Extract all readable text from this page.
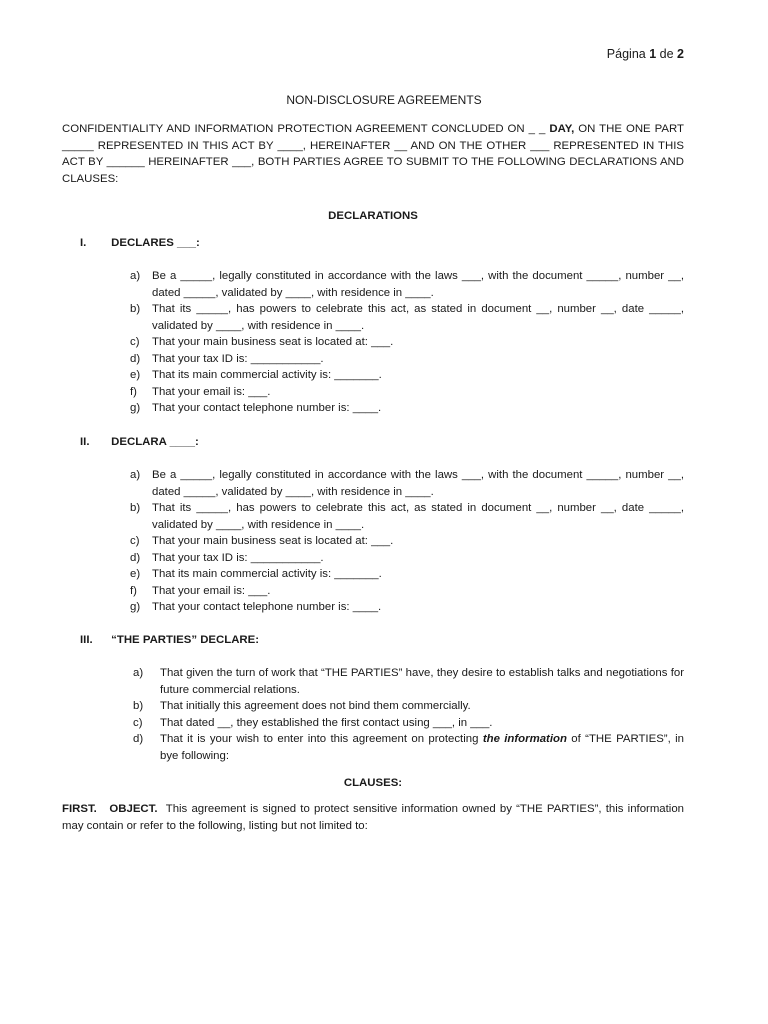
Página 1 de 2
NON-DISCLOSURE AGREEMENTS
CONFIDENTIALITY AND INFORMATION PROTECTION AGREEMENT CONCLUDED ON _ _ DAY, ON THE ONE PART _____ REPRESENTED IN THIS ACT BY ____, HEREINAFTER __ AND ON THE OTHER ___ REPRESENTED IN THIS ACT BY ______ HEREINAFTER ___, BOTH PARTIES AGREE TO SUBMIT TO THE FOLLOWING DECLARATIONS AND CLAUSES:
DECLARATIONS
I. DECLARES ___:
a) Be a _____, legally constituted in accordance with the laws ___, with the document _____, number __, dated _____, validated by ____, with residence in ____.
b) That its _____, has powers to celebrate this act, as stated in document __, number __, date _____, validated by ____, with residence in ____.
c) That your main business seat is located at: ___.
d) That your tax ID is: ___________.
e) That its main commercial activity is: _______.
f) That your email is: ___.
g) That your contact telephone number is: ____.
II. DECLARA ____:
a) Be a _____, legally constituted in accordance with the laws ___, with the document _____, number __, dated _____, validated by ____, with residence in ____.
b) That its _____, has powers to celebrate this act, as stated in document __, number __, date _____, validated by ____, with residence in ____.
c) That your main business seat is located at: ___.
d) That your tax ID is: ___________.
e) That its main commercial activity is: _______.
f) That your email is: ___.
g) That your contact telephone number is: ____.
III. “THE PARTIES” DECLARE:
a) That given the turn of work that “THE PARTIES” have, they desire to establish talks and negotiations for future commercial relations.
b) That initially this agreement does not bind them commercially.
c) That dated __, they established the first contact using ___, in ___.
d) That it is your wish to enter into this agreement on protecting the information of “THE PARTIES”, in bye following:
CLAUSES:
FIRST.   OBJECT. This agreement is signed to protect sensitive information owned by “THE PARTIES”, this information may contain or refer to the following, listing but not limited to:
